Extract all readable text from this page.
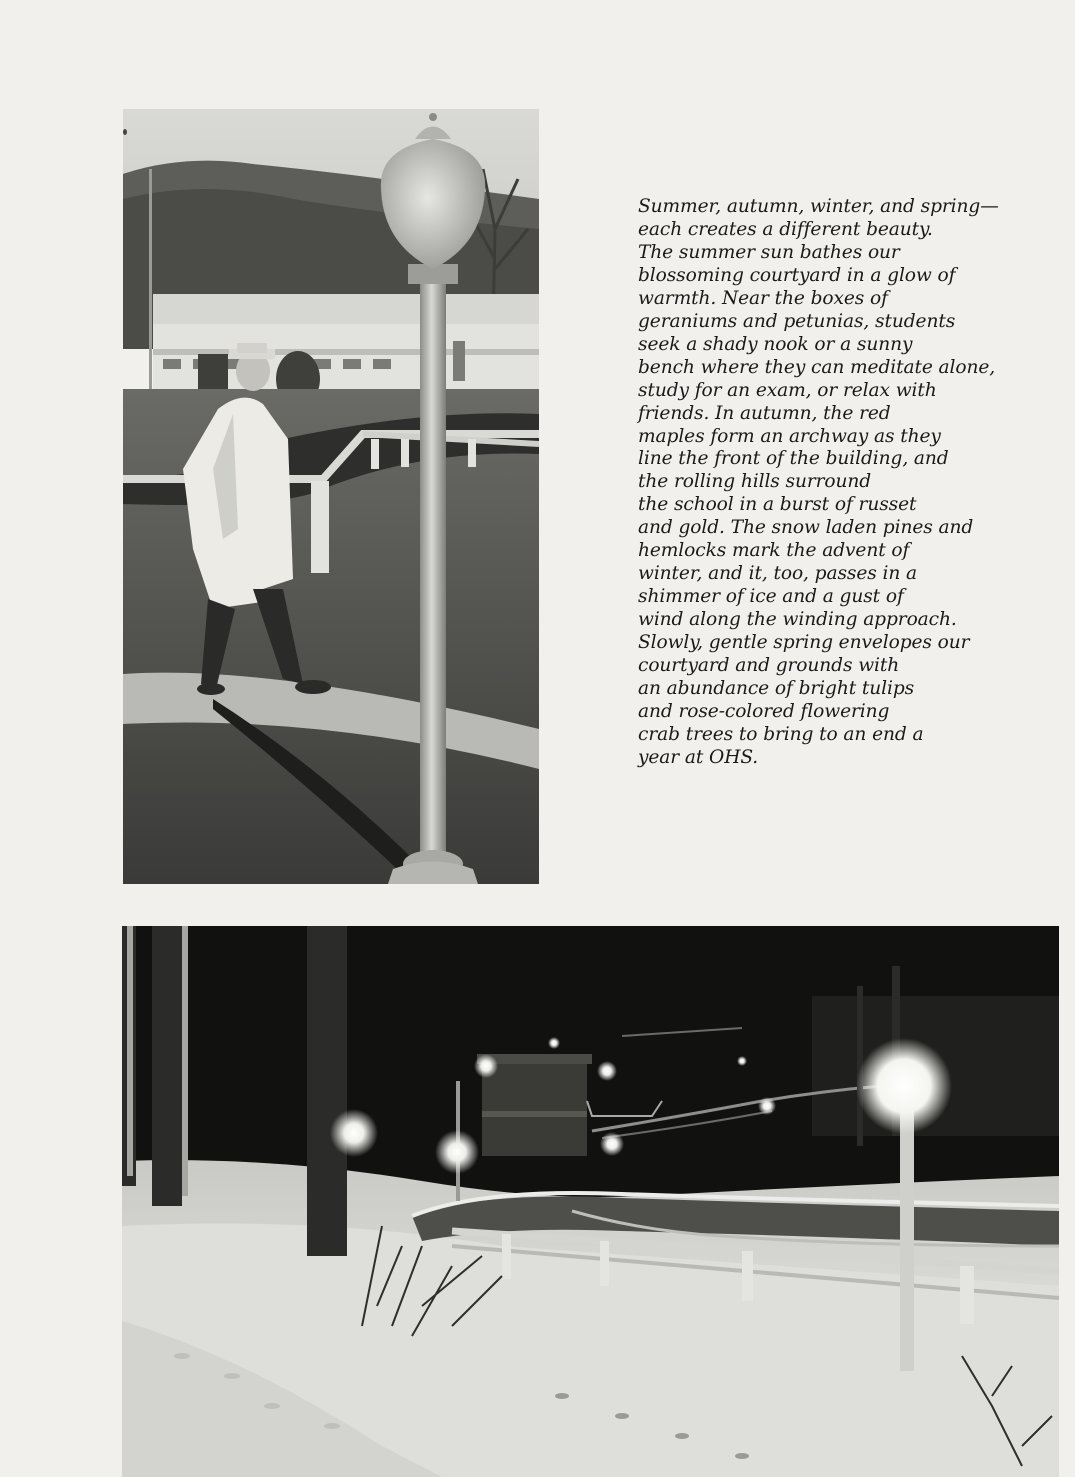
Summer, autumn, winter, and spring—
each creates a different beauty.
The summer sun bathes our
blossoming courtyard in a glow of
warmth. Near the boxes of
geraniums and petunias, students
seek a shady nook or a sunny
bench where they can meditate alone,
study for an exam, or relax with
friends. In autumn, the red
maples form an archway as they
line the front of the building, and
the rolling hills surround
the school in a burst of russet
and gold. The snow laden pines and
hemlocks mark the advent of
winter, and it, too, passes in a
shimmer of ice and a gust of
wind along the winding approach.
Slowly, gentle spring envelopes our
courtyard and grounds with
an abundance of bright tulips
and rose-colored flowering
crab trees to bring to an end a
year at OHS.
